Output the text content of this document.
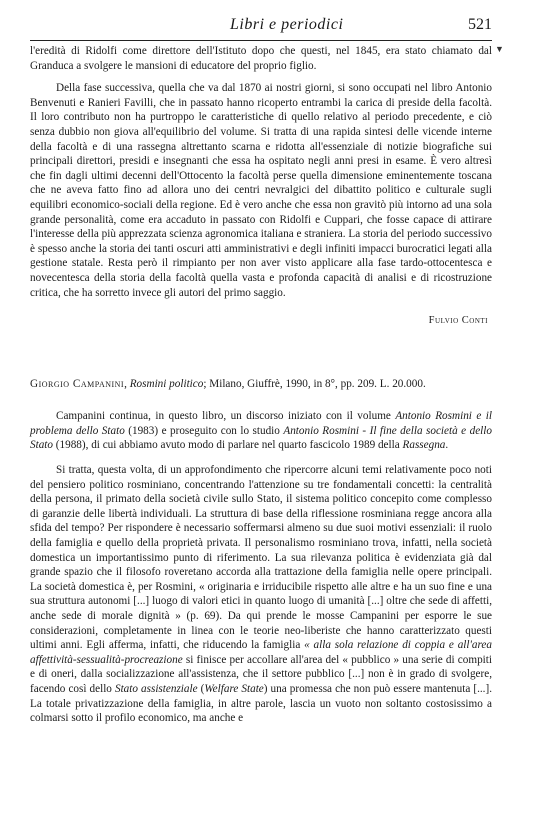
Libri e periodici	521

l'eredità di Ridolfi come direttore dell'Istituto dopo che questi, nel 1845, era stato chiamato dal Granduca a svolgere le mansioni di educatore del proprio figlio.

Della fase successiva, quella che va dal 1870 ai nostri giorni, si sono occupati nel libro Antonio Benvenuti e Ranieri Favilli, che in passato hanno ricoperto entrambi la carica di preside della facoltà. Il loro contributo non ha purtroppo le caratteristiche di quello relativo al periodo precedente, e ciò senza dubbio non giova all'equilibrio del volume. Si tratta di una rapida sintesi delle vicende interne della facoltà e di una rassegna altrettanto scarna e ridotta all'essenziale di notizie biografiche sui principali direttori, presidi e insegnanti che essa ha ospitato negli anni presi in esame. È vero altresì che fin dagli ultimi decenni dell'Ottocento la facoltà perse quella dimensione eminentemente toscana che ne aveva fatto fino ad allora uno dei centri nevralgici del dibattito politico e culturale sugli equilibri economico-sociali della regione. Ed è vero anche che essa non gravitò più intorno ad una sola grande personalità, come era accaduto in passato con Ridolfi e Cuppari, che fosse capace di attirare l'interesse della più apprezzata scienza agronomica italiana e straniera. La storia del periodo successivo è spesso anche la storia dei tanti oscuri atti amministrativi e degli infiniti impacci burocratici legati alla gestione statale. Resta però il rimpianto per non aver visto applicare alla fase tardo-ottocentesca e novecentesca della storia della facoltà quella vasta e profonda capacità di analisi e di ricostruzione critica, che ha sorretto invece gli autori del primo saggio.

Fulvio Conti

Giorgio Campanini, Rosmini politico; Milano, Giuffrè, 1990, in 8°, pp. 209. L. 20.000.

Campanini continua, in questo libro, un discorso iniziato con il volume Antonio Rosmini e il problema dello Stato (1983) e proseguito con lo studio Antonio Rosmini - Il fine della società e dello Stato (1988), di cui abbiamo avuto modo di parlare nel quarto fascicolo 1989 della Rassegna.

Si tratta, questa volta, di un approfondimento che ripercorre alcuni temi relativamente poco noti del pensiero politico rosminiano, concentrando l'attenzione su tre fondamentali concetti: la centralità della persona, il primato della società civile sullo Stato, il sistema politico concepito come complesso di garanzie delle libertà individuali. La struttura di base della riflessione rosminiana regge ancora alla sfida del tempo? Per rispondere è necessario soffermarsi almeno su due suoi motivi essenziali: il ruolo della famiglia e quello della proprietà privata. Il personalismo rosminiano trova, infatti, nella società domestica un importantissimo punto di riferimento. La sua rilevanza politica è evidenziata già dal grande spazio che il filosofo roveretano accorda alla trattazione della famiglia nelle opere principali. La società domestica è, per Rosmini, « originaria e irriducibile rispetto alle altre e ha un suo fine e una sua struttura autonomi [...] luogo di valori etici in quanto luogo di umanità [...] oltre che sede di affetti, anche sede di morale dignità » (p. 69). Da qui prende le mosse Campanini per esporre le sue considerazioni, completamente in linea con le teorie neo-liberiste che hanno caratterizzato questi ultimi anni. Egli afferma, infatti, che riducendo la famiglia « alla sola relazione di coppia e all'area affettività-sessualità-procreazione si finisce per accollare all'area del « pubblico » una serie di compiti e di oneri, dalla socializzazione all'assistenza, che il settore pubblico [...] non è in grado di svolgere, facendo così dello Stato assistenziale (Welfare State) una promessa che non può essere mantenuta [...]. La totale privatizzazione della famiglia, in altre parole, lascia un vuoto non soltanto costosissimo a colmarsi sotto il profilo economico, ma anche e

▼
